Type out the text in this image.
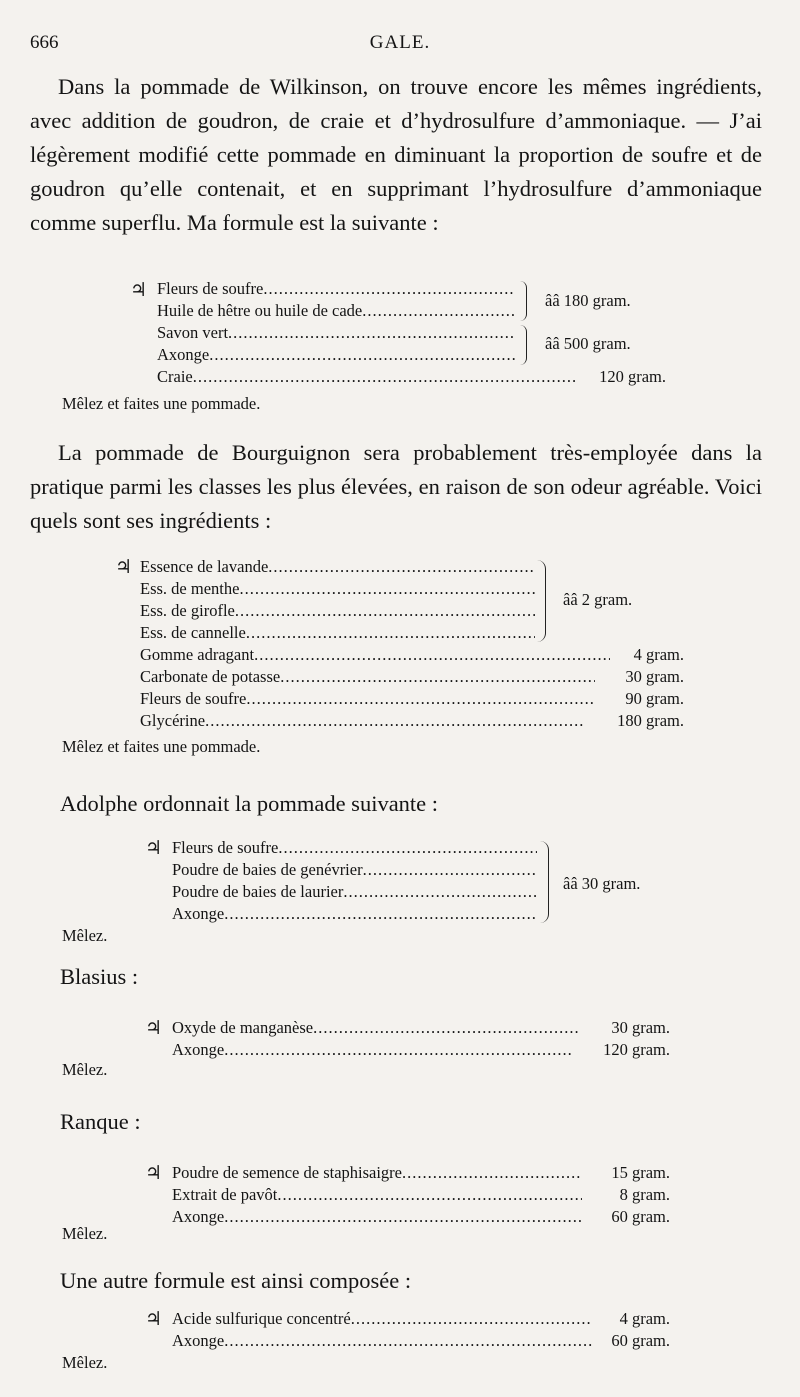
666	GALE.
Dans la pommade de Wilkinson, on trouve encore les mêmes ingrédients, avec addition de goudron, de craie et d’hydrosulfure d’ammoniaque. — J’ai légèrement modifié cette pommade en diminuant la proportion de soufre et de goudron qu’elle contenait, et en supprimant l’hydrosulfure d’ammoniaque comme superflu. Ma formule est la suivante :
♃ Fleurs de soufre
.....
Huile de hêtre ou huile de cade
.....
Savon vert
.....
Axonge
.....
Craie
.....
ââ 180 gram.
ââ 500 gram.
120 gram.
Mêlez et faites une pommade.
La pommade de Bourguignon sera probablement très-employée dans la pratique parmi les classes les plus élevées, en raison de son odeur agréable. Voici quels sont ses ingrédients :
♃ Essence de lavande
.....
Ess. de menthe
.....
Ess. de girofle
.....
Ess. de cannelle
.....
ââ 2 gram.
Gomme adragant
.....
Carbonate de potasse
.....
Fleurs de soufre
.....
Glycérine
.....
4 gram.
30 gram.
90 gram.
180 gram.
Mêlez et faites une pommade.
Adolphe ordonnait la pommade suivante :
♃ Fleurs de soufre
.....
Poudre de baies de genévrier
.....
Poudre de baies de laurier
.....
Axonge
.....
ââ 30 gram.
Mêlez.
Blasius :
♃ Oxyde de manganèse
.....
Axonge
.....
30 gram.
120 gram.
Mêlez.
Ranque :
♃ Poudre de semence de staphisaigre
.....
Extrait de pavôt
.....
Axonge
.....
15 gram.
8 gram.
60 gram.
Mêlez.
Une autre formule est ainsi composée :
♃ Acide sulfurique concentré
.....
Axonge
.....
4 gram.
60 gram.
Mêlez.
